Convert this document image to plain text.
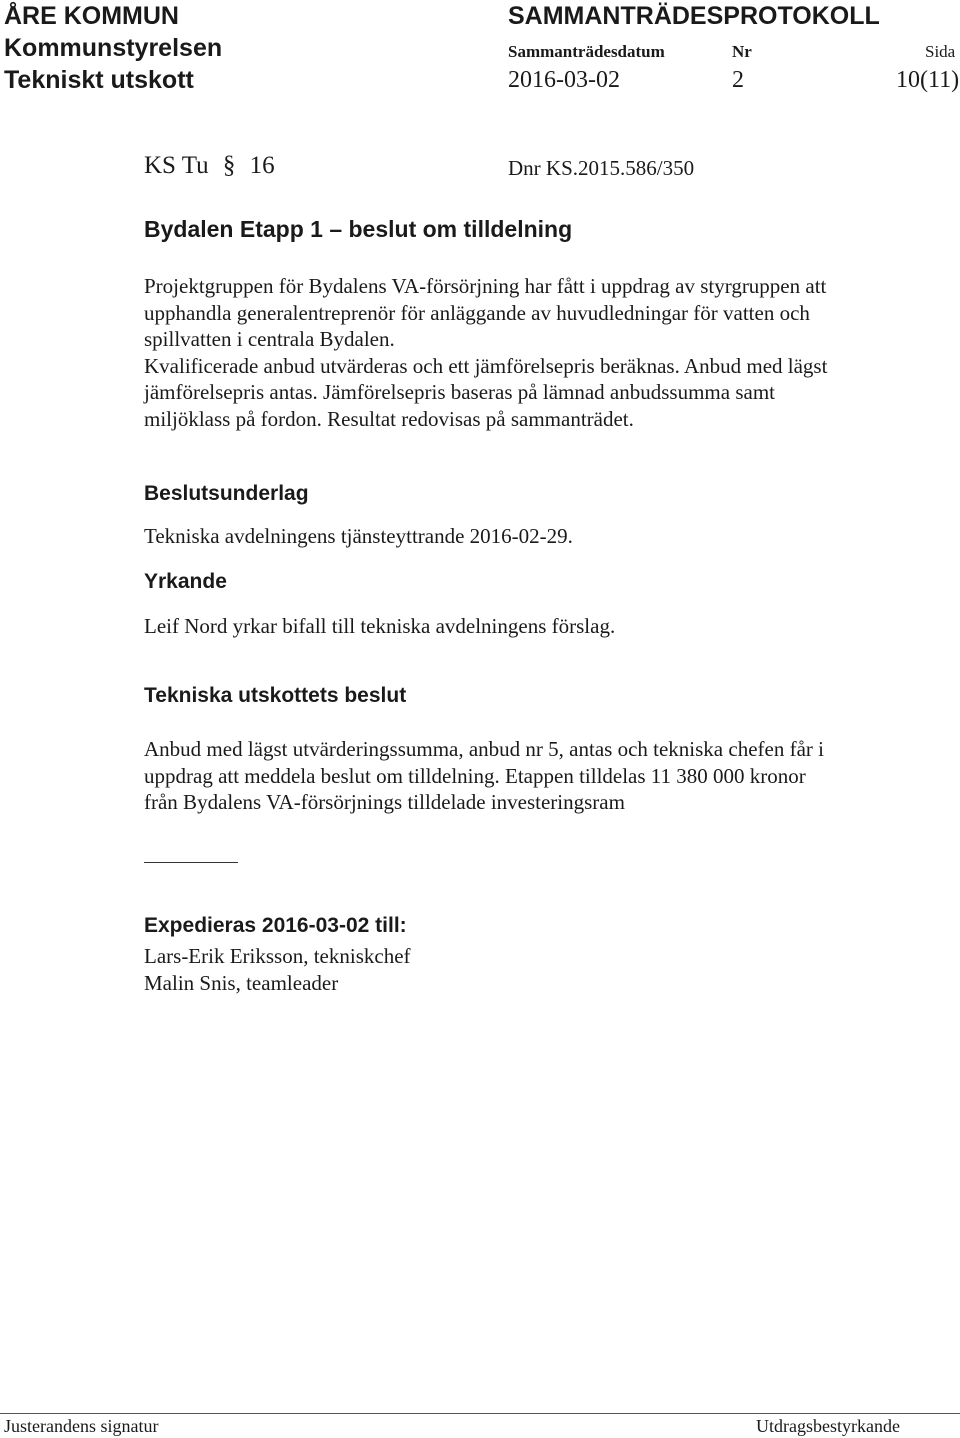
ÅRE KOMMUN
Kommunstyrelsen
Tekniskt utskott
SAMMANTRÄDESPROTOKOLL
Sammanträdesdatum	Nr	Sida
2016-03-02	2	10(11)
KS Tu § 16	Dnr KS.2015.586/350
Bydalen Etapp 1 – beslut om tilldelning
Projektgruppen för Bydalens VA-försörjning har fått i uppdrag av styrgruppen att
upphandla generalentreprenör för anläggande av huvudledningar för vatten och
spillvatten i centrala Bydalen.
Kvalificerade anbud utvärderas och ett jämförelsepris beräknas. Anbud med lägst
jämförelsepris antas. Jämförelsepris baseras på lämnad anbudssumma samt
miljöklass på fordon. Resultat redovisas på sammanträdet.
Beslutsunderlag
Tekniska avdelningens tjänsteyttrande 2016-02-29.
Yrkande
Leif Nord yrkar bifall till tekniska avdelningens förslag.
Tekniska utskottets beslut
Anbud med lägst utvärderingssumma, anbud nr 5, antas och tekniska chefen får i
uppdrag att meddela beslut om tilldelning. Etappen tilldelas 11 380 000 kronor
från Bydalens VA-försörjnings tilldelade investeringsram
Expedieras 2016-03-02 till:
Lars-Erik Eriksson, tekniskchef
Malin Snis, teamleader
Justerandens signatur	Utdragsbestyrkande
